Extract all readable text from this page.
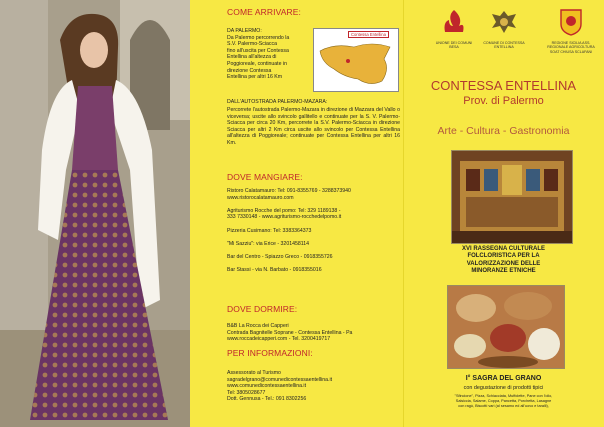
COME ARRIVARE:
DA PALERMO:
Da Palermo percorrendo la
S.V. Palermo-Sciacca
fino all'uscita per Contessa
Entellina all'altezza di
Poggioreale, continuate in
direzione Contessa
Entellina per altri 16 Km
Contessa Entellina
DALL'AUTOSTRADA PALERMO-MAZARA:
Percorrete l'autostrada Palermo-Mazara in direzione di Mazzara del Vallo o viceversa; uscite allo svincolo gallitello e continuate per la S. V. Palermo-Sciacca per circa 20 Km, percorrete la S.V. Palermo-Sciacca in direzione Sciacca per altri 2 Km circa uscite allo svincolo per Contessa Entellina all'altezza di Poggioreale; continuate per Contessa Entellina per altri 16 Km.
DOVE MANGIARE:
Ristoro Calatamauro: Tel: 091-8355769 - 3288373940
www.ristorocalatamauro.com
Agriturismo Rocche del pomo: Tel: 329 1189138 -
333 7330148 - www.agriturismo-rocchedelpomo.it
Pizzeria Cusimano: Tel: 3383364373
"Mi Sazziu": via Erice - 3201458114
Bar del Centro - Spiazzo Greco - 0918355726
Bar Stassi - via N. Barbato - 0918355016
DOVE DORMIRE:
B&B La Rocca dei Capperi
Contrada Bagnitelle Soprane - Contessa Entellina - Pa
www.roccadeicapperi.com - Tel. 3200419717
PER INFORMAZIONI:
Assessorato al Turismo
sagradelgrano@comunedicontessaentellina.it
www.comunedicontessaentellina.it
Tel: 3805028677
Dott. Gennusa - Tel.: 091 8302256
UNIONE DEI COMUNI BESA
COMUNE DI CONTESSA ENTELLINA
REGIONE SICILIA ASS. REGIONALE AGRICOLTURA SOAT CHIUSA SCLAFANI
CONTESSA ENTELLINA
Prov. di Palermo
Arte - Cultura - Gastronomia
XVI RASSEGNA CULTURALE
FOLCLORISTICA PER LA
VALORIZZAZIONE DELLE
MINORANZE ETNICHE
I° SAGRA DEL GRANO
con degustazione di prodotti tipici
"Sfincione", Pizza, Schiacciata, Muffolette, Pane con l'olio,
Salsiccia, Salame, Coppa, Pancetta, Porchetta, Lasagne
con ragù, Biscotti vari (al sesamo ed all'uovo e taralli),
